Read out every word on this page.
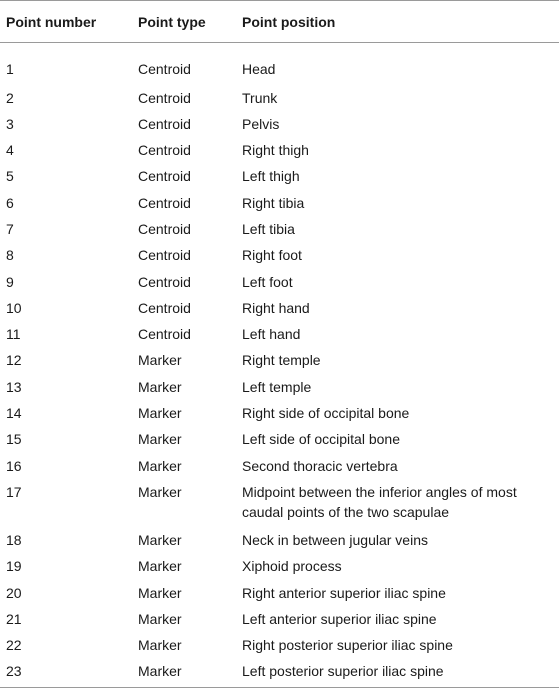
Point number	Point type	Point position
1	Centroid	Head
2	Centroid	Trunk
3	Centroid	Pelvis
4	Centroid	Right thigh
5	Centroid	Left thigh
6	Centroid	Right tibia
7	Centroid	Left tibia
8	Centroid	Right foot
9	Centroid	Left foot
10	Centroid	Right hand
11	Centroid	Left hand
12	Marker	Right temple
13	Marker	Left temple
14	Marker	Right side of occipital bone
15	Marker	Left side of occipital bone
16	Marker	Second thoracic vertebra
17	Marker	Midpoint between the inferior angles of most caudal points of the two scapulae
18	Marker	Neck in between jugular veins
19	Marker	Xiphoid process
20	Marker	Right anterior superior iliac spine
21	Marker	Left anterior superior iliac spine
22	Marker	Right posterior superior iliac spine
23	Marker	Left posterior superior iliac spine
